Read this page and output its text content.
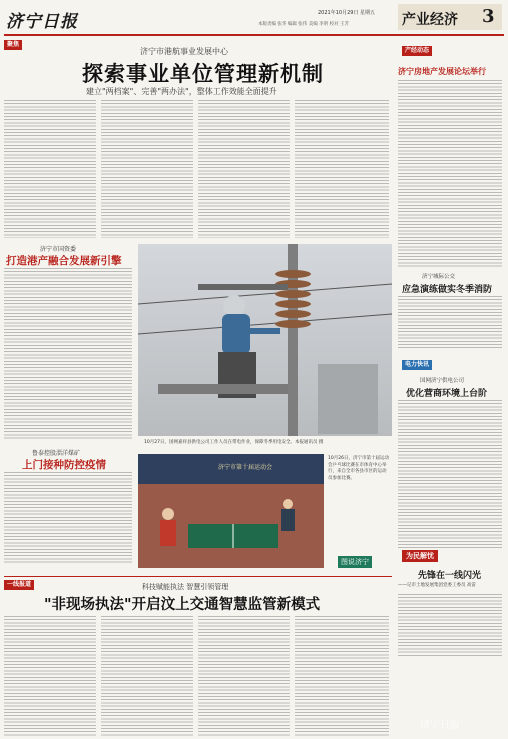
济宁日报	2021年10月29日 星期五
本版责编 张华 编辑 张伟 美编 李明 校对 王芳	产业经济 3
聚焦
济宁市港航事业发展中心
探索事业单位管理新机制
建立"两档案"、完善"两办法"，整体工作效能全面提升
济宁市国资委
打造港产融合发展新引擎
鲁泰控股淄洋煤矿
上门接种防控疫情
10月27日，国网嘉祥县供电公司工作人员在带电作业，保障冬季用电安全。本报通讯员 摄
济宁市第十届运动会
10月26日，济宁市第十届运动会乒乓球比赛在市体育中心举行，来自全市各县市区的运动员参加比赛。
图说济宁
产经动态
济宁房地产发展论坛举行
济宁城际公交
应急演练做实冬季消防
电力快讯
国网济宁供电公司
优化营商环境上台阶
为民解忧
先锋在一线闪光
——记市土地发展集团党委工委员 高雷
一线报道	科技赋能执法 智慧引领管理
"非现场执法"开启汶上交通智慧监管新模式
济宁日报
